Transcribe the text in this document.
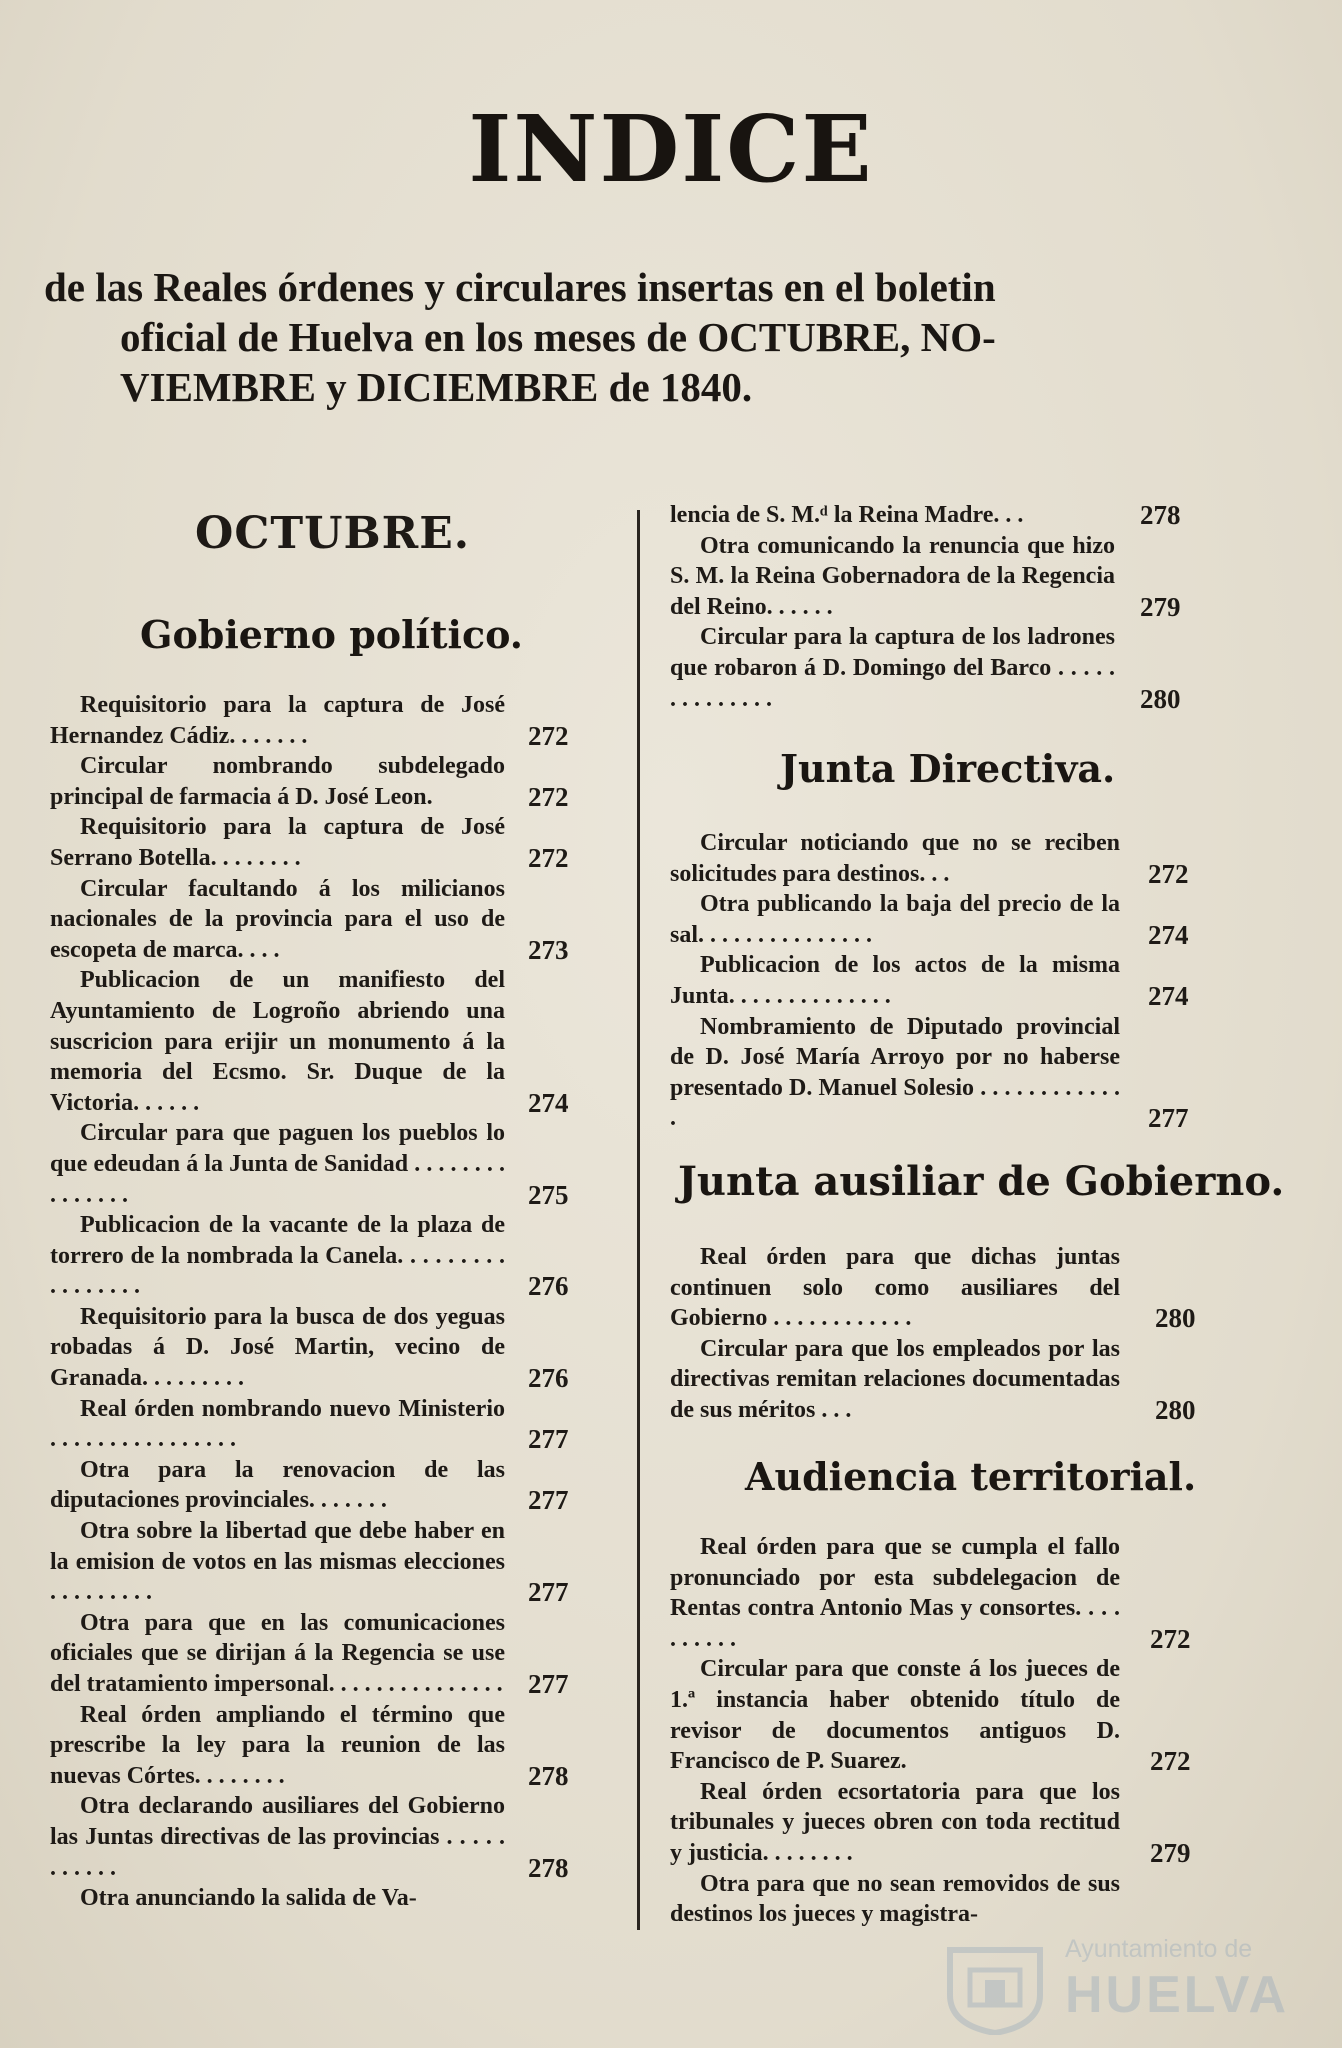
INDICE
de las Reales órdenes y circulares insertas en el boletin

oficial de Huelva en los meses de OCTUBRE, NO-
VIEMBRE y DICIEMBRE de 1840.
OCTUBRE.
Gobierno político.
Requisitorio para la captura de José Hernandez Cádiz. . . . . . .	272
Circular nombrando subdelegado principal de farmacia á D. José Leon.	272
Requisitorio para la captura de José Serrano Botella. . . . . . . .	272
Circular facultando á los milicianos nacionales de la provincia para el uso de escopeta de marca. . . .	273
Publicacion de un manifiesto del Ayuntamiento de Logroño abriendo una suscricion para erijir un monumento á la memoria del Ecsmo. Sr. Duque de la Victoria. . . . . .	274
Circular para que paguen los pueblos lo que edeudan á la Junta de Sanidad . . . . . . . . . . . . . . .	275
Publicacion de la vacante de la plaza de torrero de la nombrada la Canela. . . . . . . . . . . . . . . . .	276
Requisitorio para la busca de dos yeguas robadas á D. José Martin, vecino de Granada. . . . . . . . .	276
Real órden nombrando nuevo Ministerio . . . . . . . . . . . . . . . .	277
Otra para la renovacion de las diputaciones provinciales. . . . . . .	277
Otra sobre la libertad que debe haber en la emision de votos en las mismas elecciones . . . . . . . . .	277
Otra para que en las comunicaciones oficiales que se dirijan á la Regencia se use del tratamiento impersonal. . . . . . . . . . . . . . . 277
Real órden ampliando el término que prescribe la ley para la reunion de las nuevas Córtes. . . . . . . .	278
Otra declarando ausiliares del Gobierno las Juntas directivas de las provincias . . . . . . . . . . .	278
Otra anunciando la salida de Va-
lencia de S. M.ᵈ la Reina Madre. . .	278
Otra comunicando la renuncia que hizo S. M. la Reina Gobernadora de la Regencia del Reino. . . . . .	279
Circular para la captura de los ladrones que robaron á D. Domingo del Barco . . . . . . . . . . . . . .	280
Junta Directiva.
Circular noticiando que no se reciben solicitudes para destinos. . .	272
Otra publicando la baja del precio de la sal. . . . . . . . . . . . . . .	274
Publicacion de los actos de la misma Junta. . . . . . . . . . . . . .	274
Nombramiento de Diputado provincial de D. José María Arroyo por no haberse presentado D. Manuel Solesio . . . . . . . . . . . . .	277
Junta ausiliar de Gobierno.
Real órden para que dichas juntas continuen solo como ausiliares del Gobierno . . . . . . . . . . . .	280
Circular para que los empleados por las directivas remitan relaciones documentadas de sus méritos . . .	280
Audiencia territorial.
Real órden para que se cumpla el fallo pronunciado por esta subdelegacion de Rentas contra Antonio Mas y consortes. . . . . . . . . .	272
Circular para que conste á los jueces de 1.ª instancia haber obtenido título de revisor de documentos antiguos D. Francisco de P. Suarez.	272
Real órden ecsortatoria para que los tribunales y jueces obren con toda rectitud y justicia. . . . . . . .	279
Otra para que no sean removidos de sus destinos los jueces y magistra-
Ayuntamiento de
HUELVA
